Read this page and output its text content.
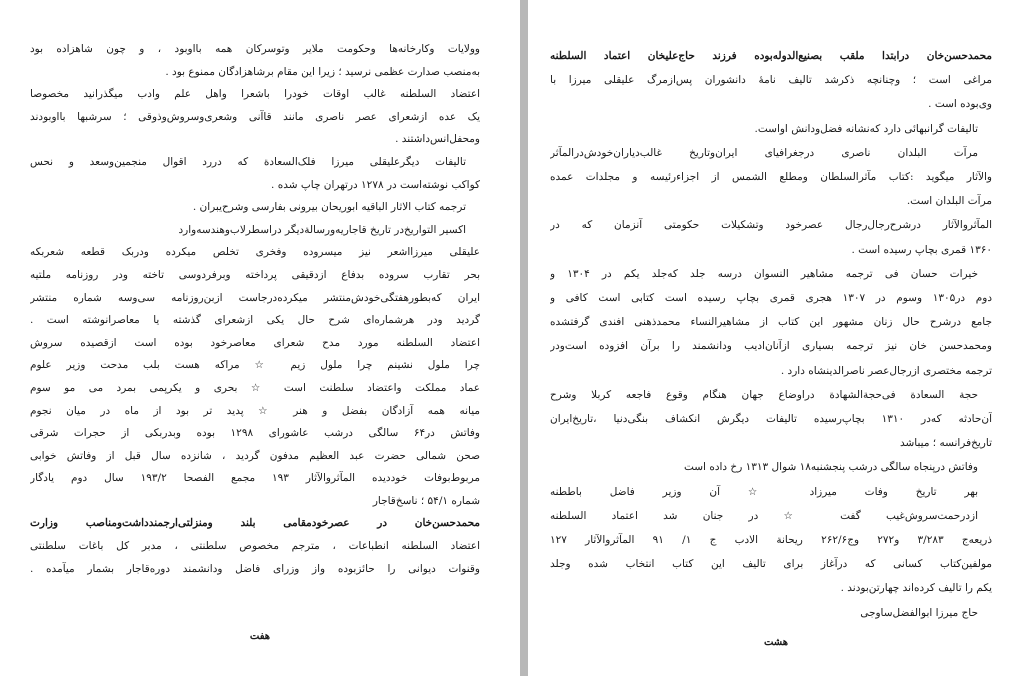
وولایات وکارخانه‌ها وحکومت ملایر وتوسرکان همه باا‌وبود ، و چون شاهزاده بود
به‌منصب صدارت عظمی نرسید ؛ زیرا این مقام برشاهزادگان ممنوع بود .
اعتضاد السلطنه غالب اوقات خودرا باشعرا واهل علم وادب میگذرانید مخصوصا
یک عده ازشعرای عصر ناصری مانند قاآنی وشعری‌وسروش‌وذوقی ؛ سرشبها بااوبودند
ومحفل‌انس‌داشتند .
تالیفات دیگرعلیقلی میرزا فلک‌السعادة که دررد اقوال منجمین‌وسعد و نحس
کواکب نوشته‌است در ۱۲۷۸ درتهران چاپ شده .
ترجمه کتاب الاثار الباقیه ابوریحان بیرونی بفارسی وشرح‌یبران .
اکسیر التواریخ‌در تاریخ قاجاریه‌ورسالة‌دیگر دراسطرلاب‌وهندسه‌وارد
علیقلی میرزااشعر نیز میسروده وفخری تخلص میکرده ودربک قطعه شعربکه
بحر تقارب سروده بدفاع ازدقیقی پرداخته وبرفردوسی تاخته ودر روزنامه ملتیه
ایران که‌بطورهفتگی‌خودش‌منتشر میکرده‌درجاست ازبن‌روزنامه سی‌وسه شماره منتشر
گردید ودر هرشماره‌ای شرح حال یکی ازشعرای گذشته یا معاصرانوشته است .
اعتضاد السلطنه مورد مدح شعرای معاصرخود بوده است ازقصیده سروش
چرا ملول نشینم چرا ملول زیم ☆ مراکه هست بلب مدحت وزیر علوم
عماد مملکت واعتضاد سلطنت است ☆ بحری و یکرپمی بمرد می مو سوم
میانه همه آزادگان بفضل و هنر ☆ پدید تر بود از ماه در میان نجوم
وفاتش در۶۴ سالگی درشب عاشورای ۱۲۹۸ بوده وبدربکی از حجرات شرقی
صحن شمالی حضرت عبد العظیم مدفون گردید ، شانزده سال قبل از وفاتش خوابی
مربوط‌بوفات خوددیده المآثروالآثار ۱۹۳ مجمع الفصحا ۱۹۳/۲ سال دوم یادگار
شماره ۵۴/۱ ؛ ناسخ‌قاجار
محمدحسن‌خان در عصرخودمقامی بلند ومنزلتی‌ارجمندداشت‌ومناصب وزارت
اعتضاد السلطنه انطباعات ، مترجم مخصوص سلطنتی ، مدبر کل باغات سلطنتی
وقنوات دیوانی را حائزبوده واز وزرای فاضل ودانشمند دوره‌قاجار بشمار میآمده .
هفت
محمدحسن‌خان درابتدا ملقب بصنیع‌الدوله‌بوده فرزند حاج‌علیخان اعتماد السلطنه
مراغی است ؛ وچنانچه ذکرشد تالیف نامهٔ دانشوران پس‌ازمرگ علیقلی میرزا با
وی‌بوده است .
تالیفات گرانبهائی دارد که‌نشانه فضل‌ودانش اواست.
مرآت البلدان ناصری درجغرافیای ایران‌وتاریخ غالب‌دیاران‌خودش‌درالمآثر
والآثار میگوید :کتاب مآثرالسلطان ومطلع الشمس از اجزاء‌رئیسه و مجلدات عمده
مرآت البلدان است.
المآثروالآثار درشرح‌رجال‌رجال عصرخود وتشکیلات حکومتی آنزمان که در
۱۳۶۰ قمری بچاپ رسیده است .
خیرات حسان فی ترجمه مشاهیر النسوان درسه جلد که‌جلد یکم در ۱۳۰۴ و
دوم در۱۳۰۵ وسوم در ۱۳۰۷ هجری قمری بچاپ رسیده است کتابی است کافی و
جامع درشرح حال زنان مشهور این کتاب از مشاهیرالنساء محمدذهنی افندی گرفتشده
ومحمدحسن خان نیز ترجمه بسیاری ازآنان‌ادیب ودانشمند را برآن افزوده است‌ودر
ترجمه مختصری ازرجال‌عصر ناصرالدینشاه دارد .
حجة السعادة فی‌حجة‌الشهادة دراوضاع جهان هنگام وقوع فاجعه کربلا وشرح
آن‌حادثه که‌در ۱۳۱۰ بچاپ‌رسیده تالیفات دیگرش انکشاف بنگی‌دنیا ،تاریخ‌ایران
تاریخ‌فرانسه ؛ میباشد
وفاتش در‌پنجاه سالگی درشب پنجشنبه۱۸ شوال ۱۳۱۳ رخ داده است
بهر تاریخ وفات میرزاد ☆ آن وزیر فاضل باططنه
ازدرحمت‌سروش‌غیب گفت ☆ در جنان شد اعتماد السلطنه
ذریعه‌ج ۳/۲۸۳ و۲۷۲ وج۲۶۲/۶ ریحانة الادب ج ۱/ ۹۱ المآثروالآثار ۱۲۷
مولفین‌کتاب کسانی که درآغاز برای تالیف این کتاب انتخاب شده وجلد
یکم را تالیف کرده‌اند چهارتن‌بودند .
حاج میرزا ابوالفضل‌ساوجی
هشت
